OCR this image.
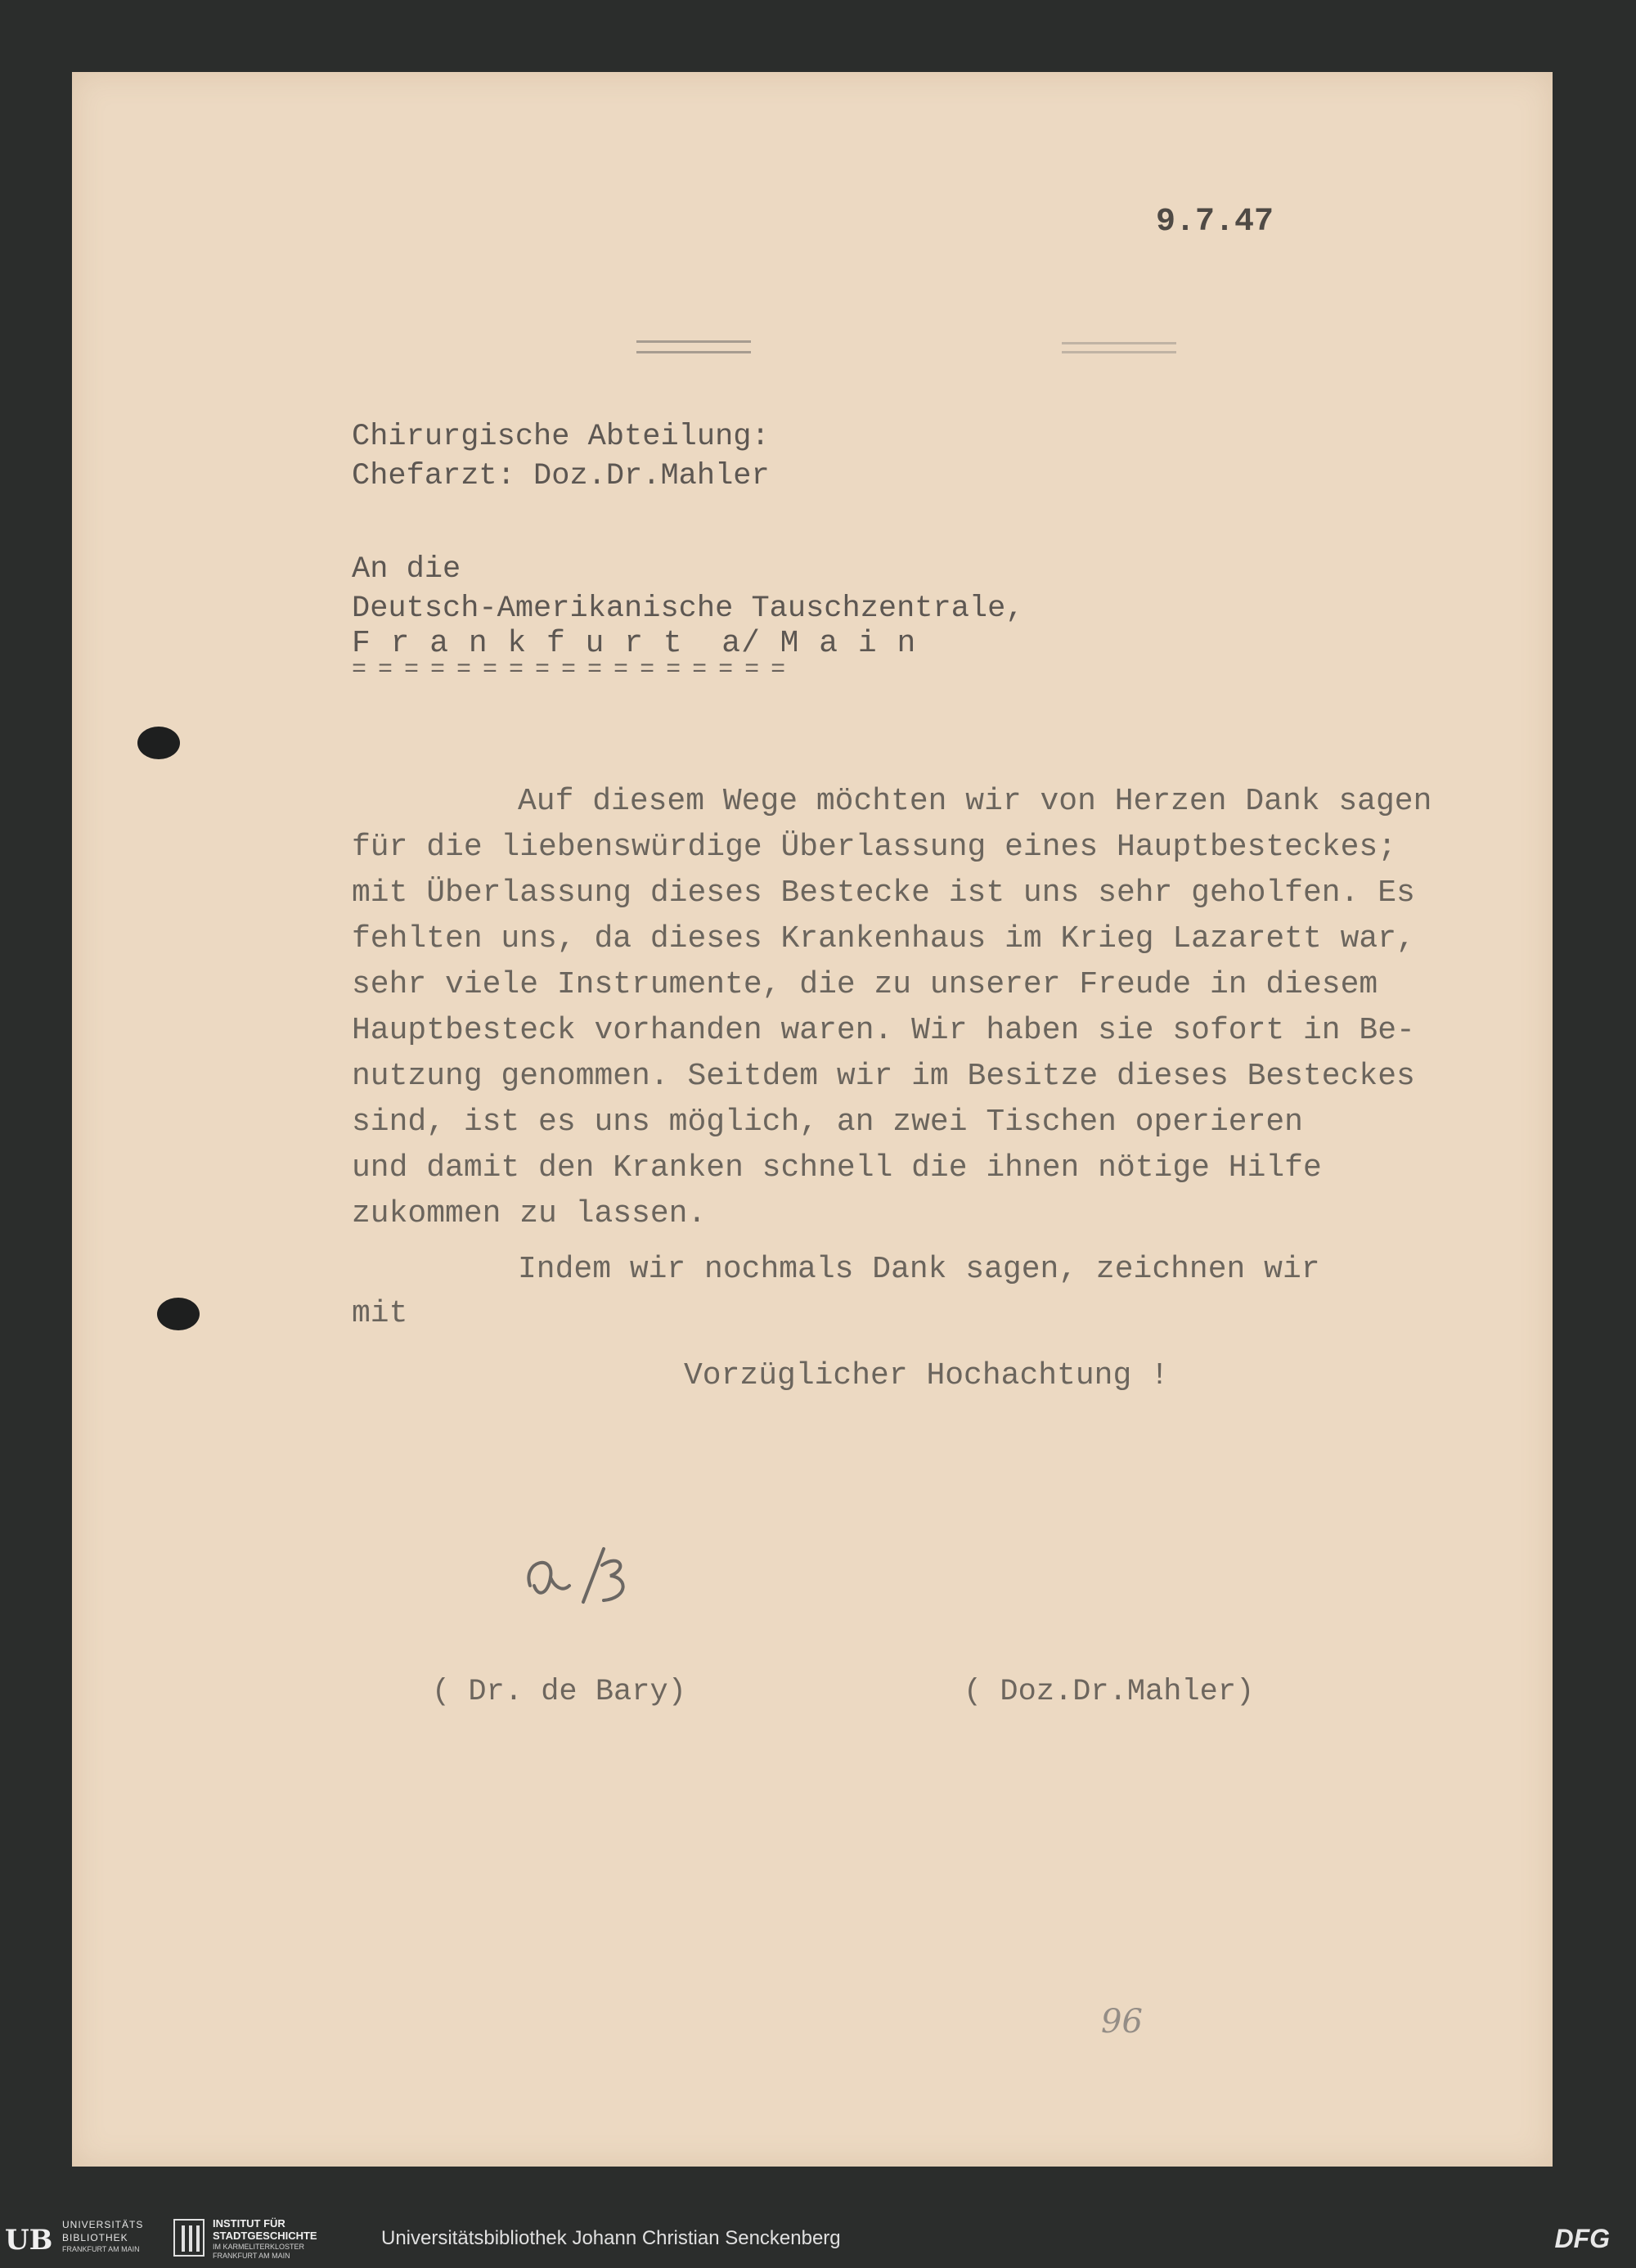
9.7.47
Chirurgische Abteilung:
Chefarzt: Doz.Dr.Mahler
An die
Deutsch-Amerikanische Tauschzentrale,
F r a n k f u r t  a/ M a i n
= = = = = = = = = = = = = = = = =
Auf diesem Wege möchten wir von Herzen Dank sagen
für die liebenswürdige Überlassung eines Hauptbesteckes;
mit Überlassung dieses Bestecke ist uns sehr geholfen. Es
fehlten uns, da dieses Krankenhaus im Krieg Lazarett war,
sehr viele Instrumente, die zu unserer Freude in diesem
Hauptbesteck vorhanden waren. Wir haben sie sofort in Be-
nutzung genommen. Seitdem wir im Besitze dieses Besteckes
sind, ist es uns möglich, an zwei Tischen operieren
und damit den Kranken schnell die ihnen nötige Hilfe
zukommen zu lassen.
Indem wir nochmals Dank sagen, zeichnen wir
mit
Vorzüglicher Hochachtung !
( Dr. de Bary)	( Doz.Dr.Mahler)
96
UB UNIVERSITÄTS
BIBLIOTHEK
FRANKFURT AM MAIN
INSTITUT FÜR
STADTGESCHICHTE
IM KARMELITERKLOSTER
FRANKFURT AM MAIN
Universitätsbibliothek Johann Christian Senckenberg	DFG
